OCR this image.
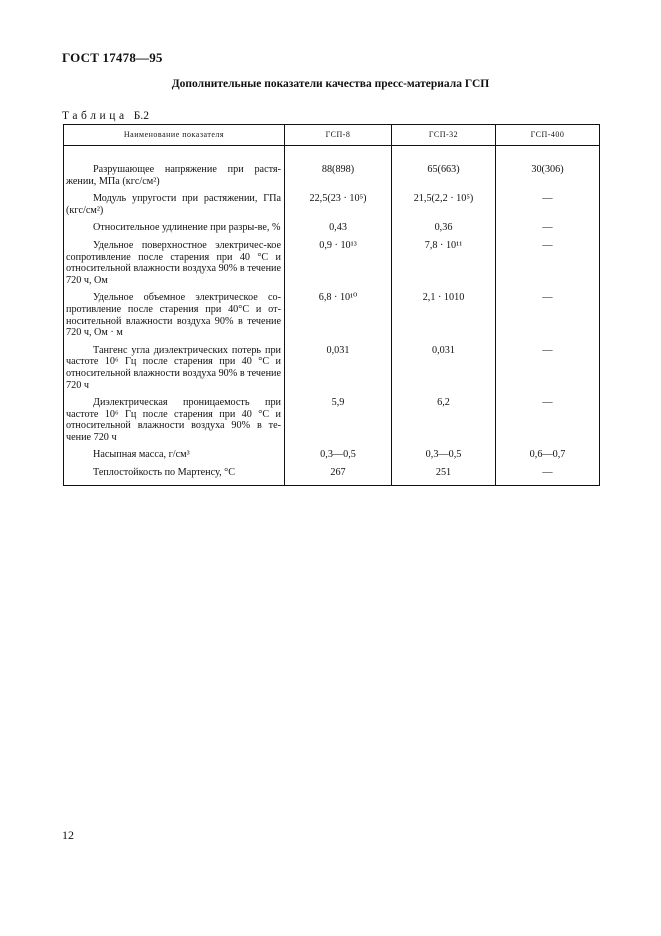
ГОСТ 17478—95
Дополнительные показатели качества пресс-материала ГСП
Таблица Б.2
Наименование показателя	ГСП-8	ГСП-32	ГСП-400

Разрушающее напряжение при растя-жении, МПа (кгс/см²)	88(898)	65(663)	30(306)

Модуль упругости при растяжении, ГПа (кгс/см²)	22,5(23 · 10⁵)	21,5(2,2 · 10⁵)	—

Относительное удлинение при разры-ве, %	0,43	0,36	—

Удельное поверхностное электричес-кое сопротивление после старения при 40 °С и относительной влажности воздуха 90% в течение 720 ч, Ом	0,9 · 10¹³	7,8 · 10¹¹	—

Удельное объемное электрическое со-противление после старения при 40°С и от-носительной влажности воздуха 90% в течение 720 ч, Ом · м	6,8 · 10¹⁰	2,1 · 1010	—

Тангенс угла диэлектрических потерь при частоте 10⁶ Гц после старения при 40 °С и относительной влажности воздуха 90% в течение 720 ч	0,031	0,031	—

Диэлектрическая проницаемость при частоте 10⁶ Гц после старения при 40 °С и относительной влажности воздуха 90% в те-чение 720 ч	5,9	6,2	—

Насыпная масса, г/см³	0,3—0,5	0,3—0,5	0,6—0,7

Теплостойкость по Мартенсу, °С	267	251	—
12
